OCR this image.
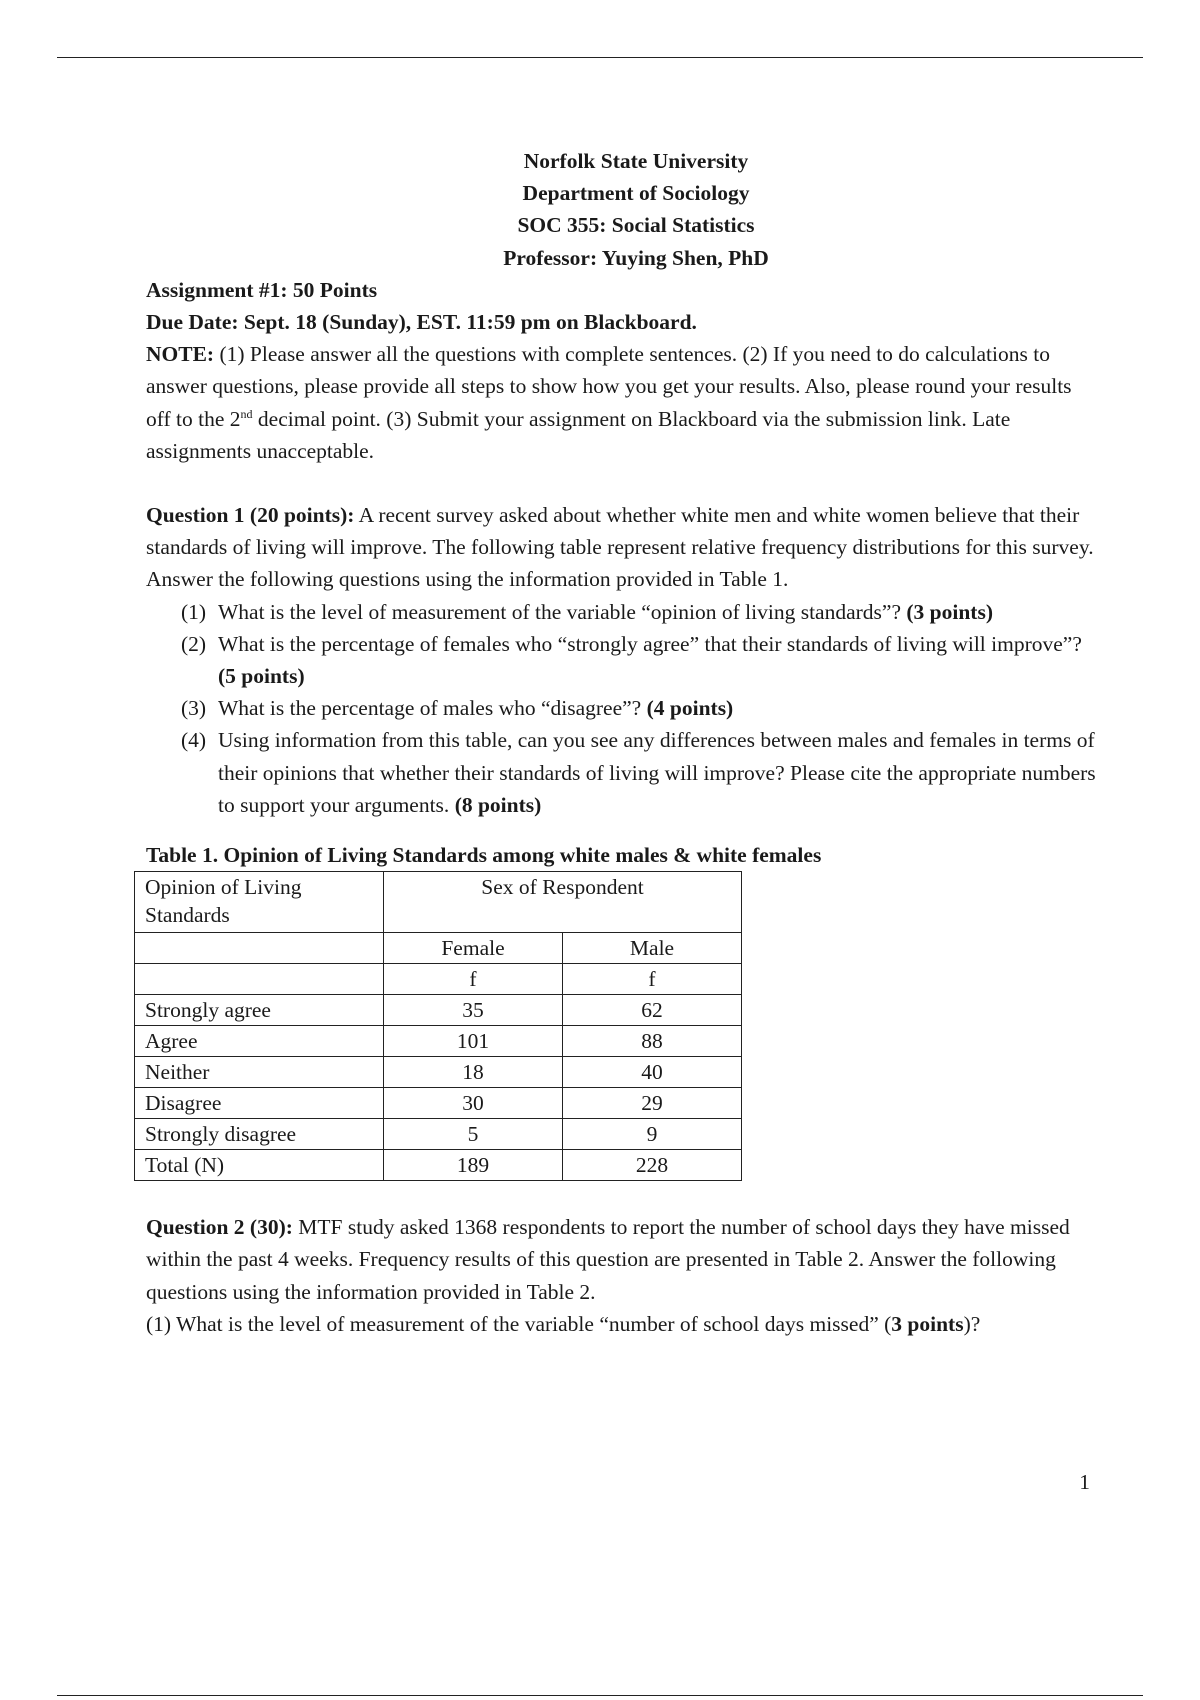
Norfolk State University
Department of Sociology
SOC 355: Social Statistics
Professor: Yuying Shen, PhD

Assignment #1: 50 Points

Due Date: Sept. 18 (Sunday), EST. 11:59 pm on Blackboard.

NOTE: (1) Please answer all the questions with complete sentences. (2) If you need to do calculations to answer questions, please provide all steps to show how you get your results. Also, please round your results off to the 2nd decimal point. (3) Submit your assignment on Blackboard via the submission link. Late assignments unacceptable.

Question 1 (20 points): A recent survey asked about whether white men and white women believe that their standards of living will improve. The following table represent relative frequency distributions for this survey. Answer the following questions using the information provided in Table 1.

(1) What is the level of measurement of the variable “opinion of living standards”? (3 points)
(2) What is the percentage of females who “strongly agree” that their standards of living will improve”? (5 points)
(3) What is the percentage of males who “disagree”? (4 points)
(4) Using information from this table, can you see any differences between males and females in terms of their opinions that whether their standards of living will improve? Please cite the appropriate numbers to support your arguments. (8 points)

Table 1. Opinion of Living Standards among white males & white females

Opinion of Living Standards	Sex of Respondent	
	Female	Male
	f	f
Strongly agree	35	62
Agree	101	88
Neither	18	40
Disagree	30	29
Strongly disagree	5	9
Total (N)	189	228

Question 2 (30): MTF study asked 1368 respondents to report the number of school days they have missed within the past 4 weeks. Frequency results of this question are presented in Table 2. Answer the following questions using the information provided in Table 2.

(1) What is the level of measurement of the variable “number of school days missed” (3 points)?

1
